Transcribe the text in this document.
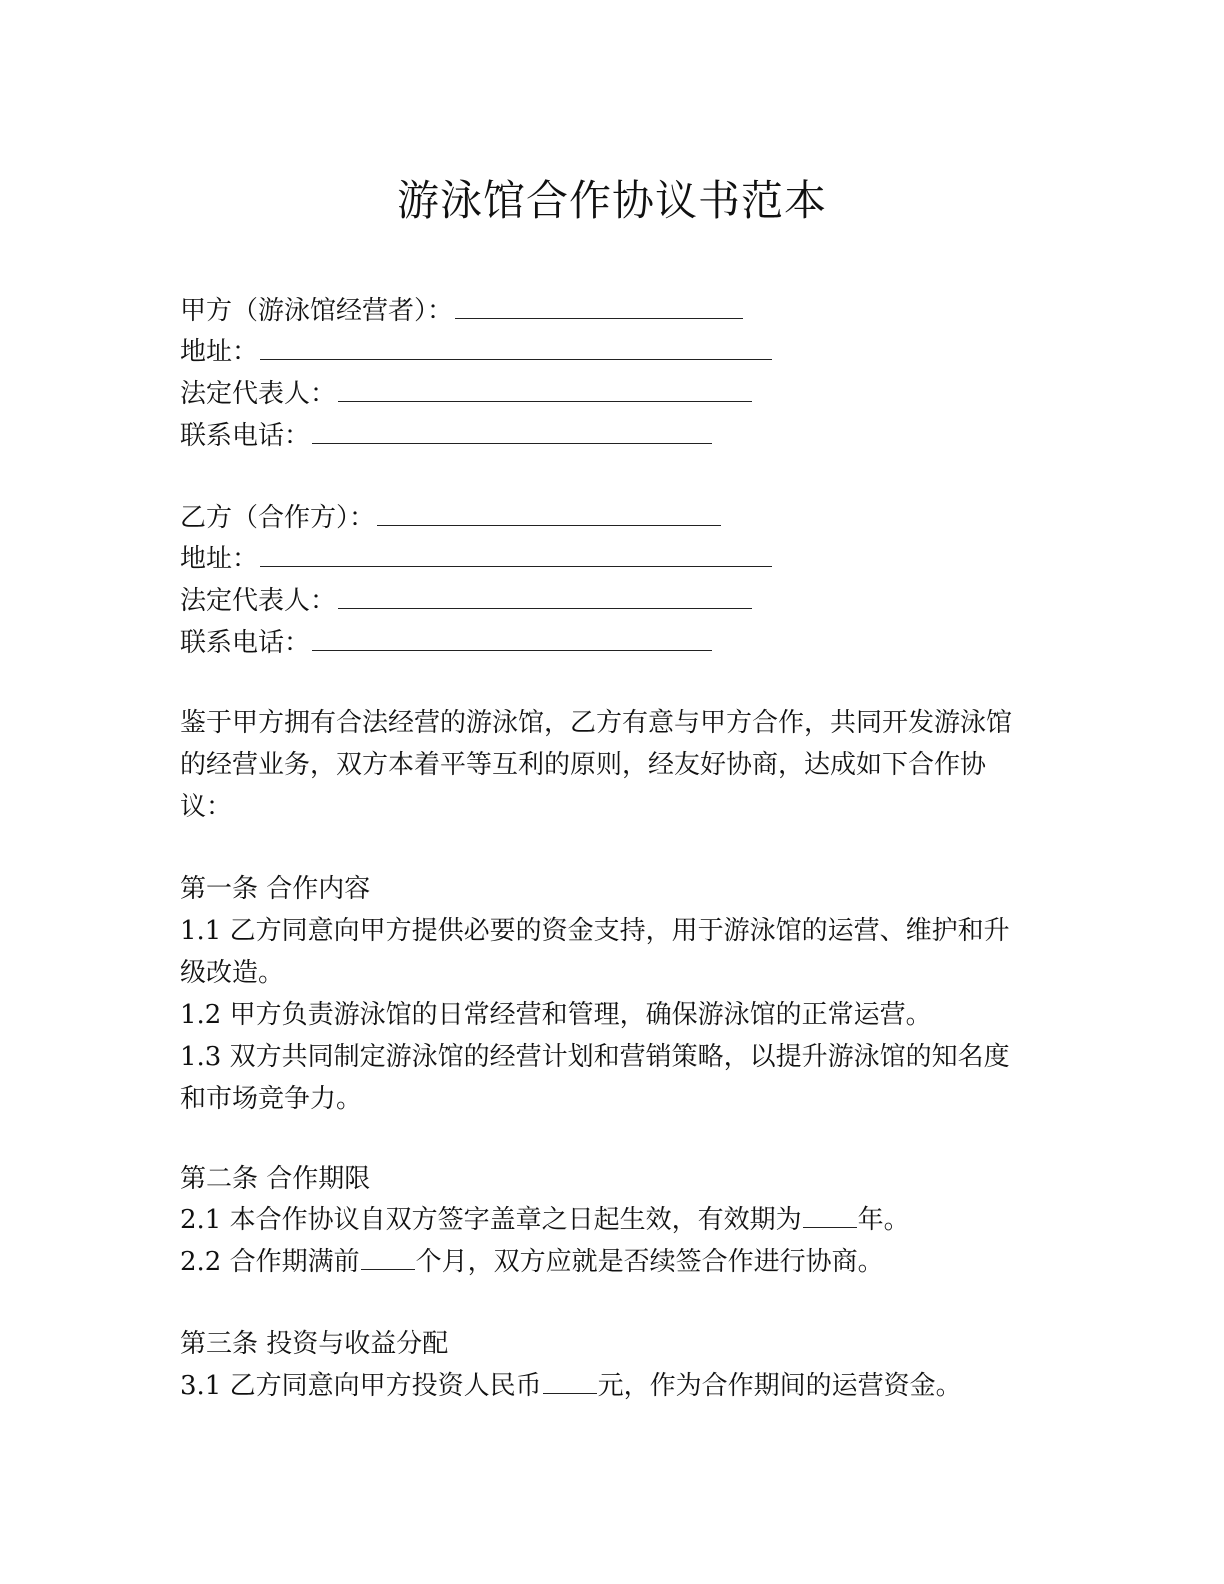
游泳馆合作协议书范本
甲方（游泳馆经营者）：
地址：
法定代表人：
联系电话：
乙方（合作方）：
地址：
法定代表人：
联系电话：
鉴于甲方拥有合法经营的游泳馆，乙方有意与甲方合作，共同开发游泳馆的经营业务，双方本着平等互利的原则，经友好协商，达成如下合作协议：
第一条 合作内容
1.1 乙方同意向甲方提供必要的资金支持，用于游泳馆的运营、维护和升级改造。
1.2 甲方负责游泳馆的日常经营和管理，确保游泳馆的正常运营。
1.3 双方共同制定游泳馆的经营计划和营销策略，以提升游泳馆的知名度和市场竞争力。
第二条 合作期限
2.1 本合作协议自双方签字盖章之日起生效，有效期为 年。
2.2 合作期满前 个月，双方应就是否续签合作进行协商。
第三条 投资与收益分配
3.1 乙方同意向甲方投资人民币 元，作为合作期间的运营资金。
